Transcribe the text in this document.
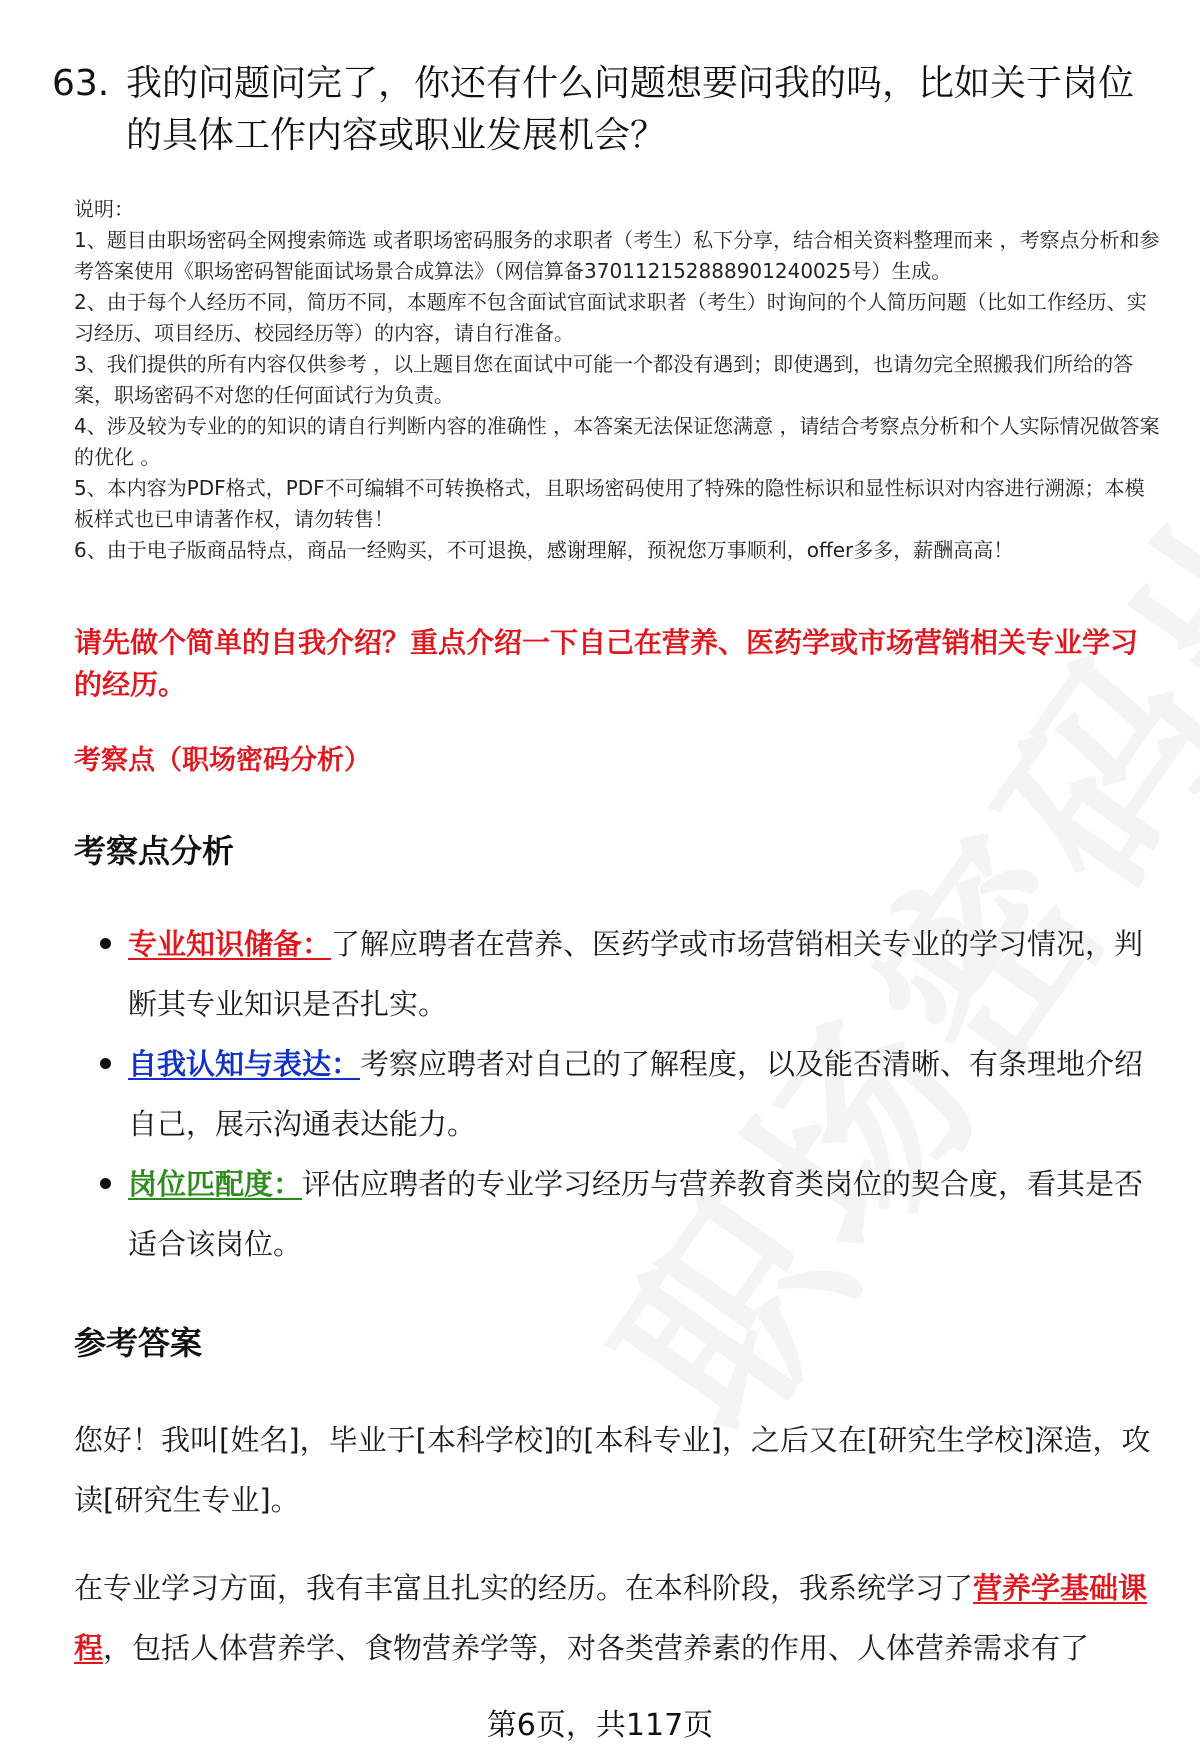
63. 我的问题问完了，你还有什么问题想要问我的吗，比如关于岗位的具体工作内容或职业发展机会？

说明：

1、题目由职场密码全网搜索筛选 或者职场密码服务的求职者（考生）私下分享，结合相关资料整理而来 ，考察点分析和参考答案使用《职场密码智能面试场景合成算法》（网信算备370112152888901240025号）生成。

2、由于每个人经历不同，简历不同，本题库不包含面试官面试求职者（考生）时询问的个人简历问题（比如工作经历、实习经历、项目经历、校园经历等）的内容，请自行准备。

3、我们提供的所有内容仅供参考 ，以上题目您在面试中可能一个都没有遇到；即使遇到，也请勿完全照搬我们所给的答案，职场密码不对您的任何面试行为负责。

4、涉及较为专业的的知识的请自行判断内容的准确性 ，本答案无法保证您满意 ，请结合考察点分析和个人实际情况做答案的优化 。

5、本内容为PDF格式，PDF不可编辑不可转换格式，且职场密码使用了特殊的隐性标识和显性标识对内容进行溯源；本模板样式也已申请著作权，请勿转售！

6、由于电子版商品特点，商品一经购买，不可退换，感谢理解，预祝您万事顺利，offer多多，薪酬高高！

请先做个简单的自我介绍？重点介绍一下自己在营养、医药学或市场营销相关专业学习的经历。
考察点（职场密码分析）
考察点分析
专业知识储备：了解应聘者在营养、医药学或市场营销相关专业的学习情况，判断其专业知识是否扎实。
自我认知与表达：考察应聘者对自己的了解程度，以及能否清晰、有条理地介绍自己，展示沟通表达能力。
岗位匹配度：评估应聘者的专业学习经历与营养教育类岗位的契合度，看其是否适合该岗位。
参考答案

您好！我叫[姓名]，毕业于[本科学校]的[本科专业]，之后又在[研究生学校]深造，攻读[研究生专业]。

在专业学习方面，我有丰富且扎实的经历。在本科阶段，我系统学习了营养学基础课程，包括人体营养学、食物营养学等，对各类营养素的作用、人体营养需求有了

第6页，共117页
